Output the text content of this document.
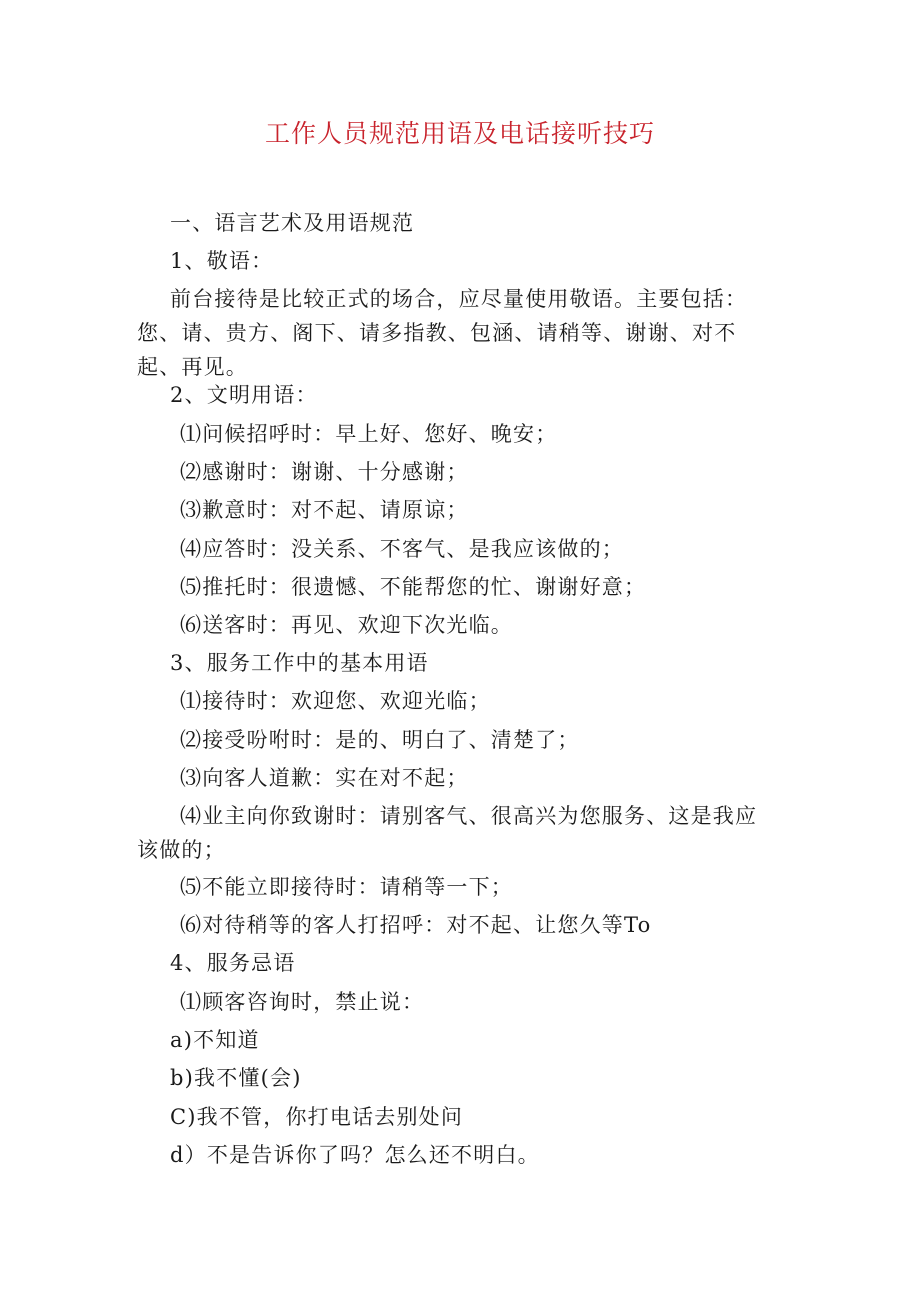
工作人员规范用语及电话接听技巧
一、语言艺术及用语规范
1、敬语：
前台接待是比较正式的场合，应尽量使用敬语。主要包括：您、请、贵方、阁下、请多指教、包涵、请稍等、谢谢、对不起、再见。
2、文明用语：
⑴问候招呼时：早上好、您好、晚安；
⑵感谢时：谢谢、十分感谢；
⑶歉意时：对不起、请原谅；
⑷应答时：没关系、不客气、是我应该做的；
⑸推托时：很遗憾、不能帮您的忙、谢谢好意；
⑹送客时：再见、欢迎下次光临。
3、服务工作中的基本用语
⑴接待时：欢迎您、欢迎光临；
⑵接受吩咐时：是的、明白了、清楚了；
⑶向客人道歉：实在对不起；
⑷业主向你致谢时：请别客气、很高兴为您服务、这是我应该做的；
⑸不能立即接待时：请稍等一下；
⑹对待稍等的客人打招呼：对不起、让您久等To
4、服务忌语
⑴顾客咨询时，禁止说：
a)不知道
b)我不懂(会)
C)我不管，你打电话去别处问
d）不是告诉你了吗？怎么还不明白。
